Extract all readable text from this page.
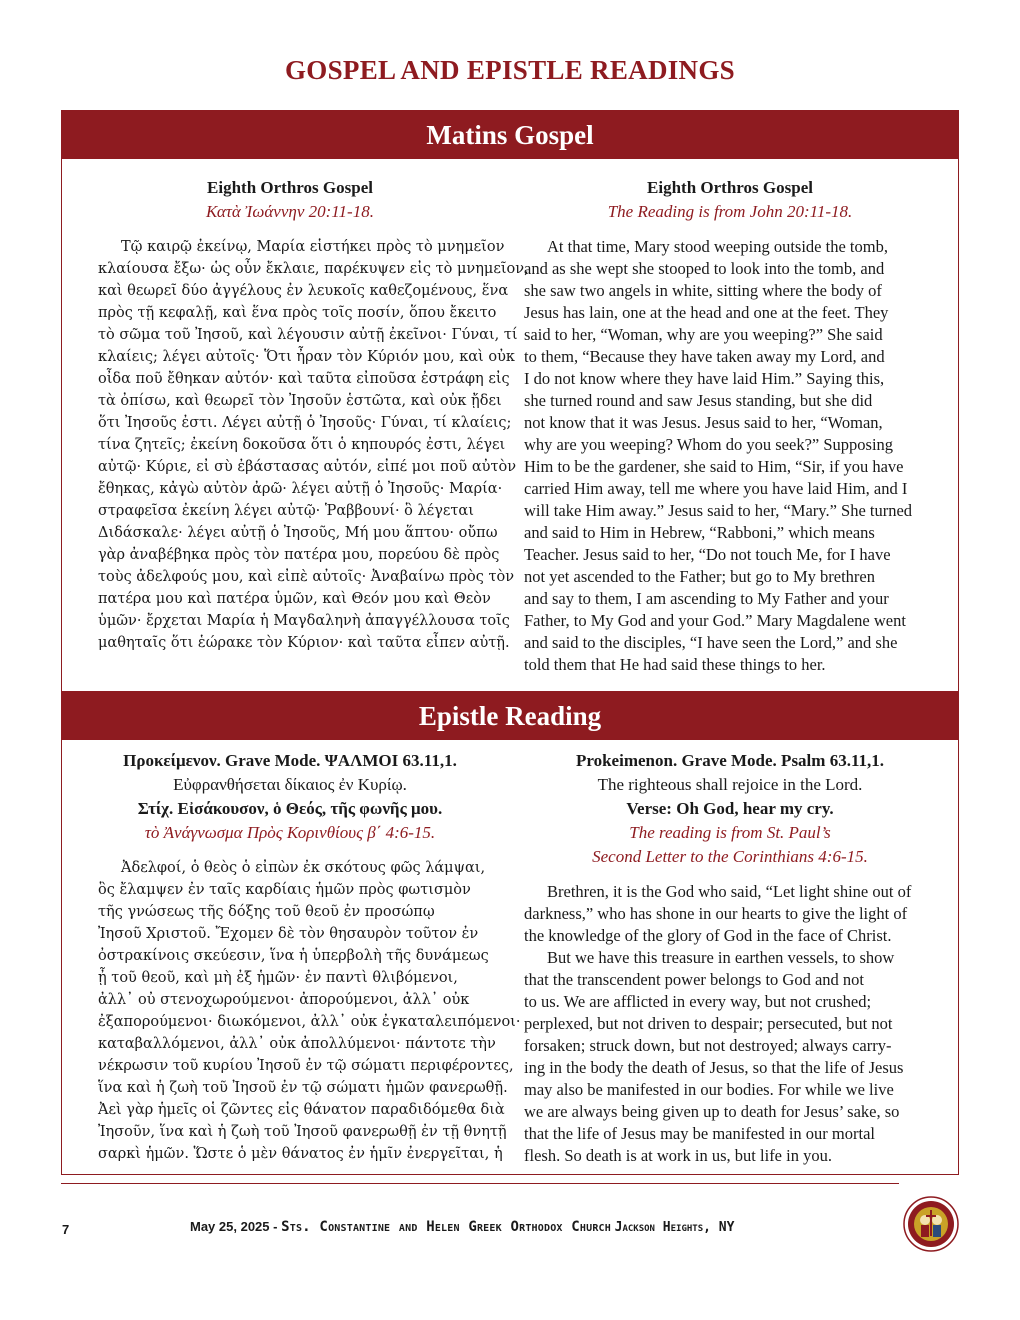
GOSPEL AND EPISTLE READINGS
Matins Gospel
Eighth Orthros Gospel
Κατὰ Ἰωάννην 20:11-18.
Τῷ καιρῷ ἐκείνῳ, Μαρία εἱστήκει πρὸς τὸ μνημεῖον
κλαίουσα ἔξω· ὡς οὖν ἔκλαιε, παρέκυψεν εἰς τὸ μνημεῖον,
καὶ θεωρεῖ δύο ἀγγέλους ἐν λευκοῖς καθεζομένους, ἕνα
πρὸς τῇ κεφαλῇ, καὶ ἕνα πρὸς τοῖς ποσίν, ὅπου ἔκειτο
τὸ σῶμα τοῦ Ἰησοῦ, καὶ λέγουσιν αὐτῇ ἐκεῖνοι· Γύναι, τί
κλαίεις; λέγει αὐτοῖς· Ὅτι ἦραν τὸν Κύριόν μου, καὶ οὐκ
οἶδα ποῦ ἔθηκαν αὐτόν· καὶ ταῦτα εἰποῦσα ἐστράφη εἰς
τὰ ὀπίσω, καὶ θεωρεῖ τὸν Ἰησοῦν ἑστῶτα, καὶ οὐκ ᾔδει
ὅτι Ἰησοῦς ἐστι. Λέγει αὐτῇ ὁ Ἰησοῦς· Γύναι, τί κλαίεις;
τίνα ζητεῖς; ἐκείνη δοκοῦσα ὅτι ὁ κηπουρός ἐστι, λέγει
αὐτῷ· Κύριε, εἰ σὺ ἐβάστασας αὐτόν, εἰπέ μοι ποῦ αὐτὸν
ἔθηκας, κἀγὼ αὐτὸν ἀρῶ· λέγει αὐτῇ ὁ Ἰησοῦς· Μαρία·
στραφεῖσα ἐκείνη λέγει αὐτῷ· Ῥαββουνί· ὃ λέγεται
Διδάσκαλε· λέγει αὐτῇ ὁ Ἰησοῦς, Μή μου ἅπτου· οὔπω
γὰρ ἀναβέβηκα πρὸς τὸν πατέρα μου, πορεύου δὲ πρὸς
τοὺς ἀδελφούς μου, καὶ εἰπὲ αὐτοῖς· Ἀναβαίνω πρὸς τὸν
πατέρα μου καὶ πατέρα ὑμῶν, καὶ Θεόν μου καὶ Θεὸν
ὑμῶν· ἔρχεται Μαρία ἡ Μαγδαληνὴ ἀπαγγέλλουσα τοῖς
μαθηταῖς ὅτι ἑώρακε τὸν Κύριον· καὶ ταῦτα εἶπεν αὐτῇ.
Eighth Orthros Gospel
The Reading is from John 20:11-18.
At that time, Mary stood weeping outside the tomb,
and as she wept she stooped to look into the tomb, and
she saw two angels in white, sitting where the body of
Jesus has lain, one at the head and one at the feet. They
said to her, “Woman, why are you weeping?” She said
to them, “Because they have taken away my Lord, and
I do not know where they have laid Him.” Saying this,
she turned round and saw Jesus standing, but she did
not know that it was Jesus. Jesus said to her, “Woman,
why are you weeping? Whom do you seek?” Supposing
Him to be the gardener, she said to Him, “Sir, if you have
carried Him away, tell me where you have laid Him, and I
will take Him away.” Jesus said to her, “Mary.” She turned
and said to Him in Hebrew, “Rabboni,” which means
Teacher. Jesus said to her, “Do not touch Me, for I have
not yet ascended to the Father; but go to My brethren
and say to them, I am ascending to My Father and your
Father, to My God and your God.” Mary Magdalene went
and said to the disciples, “I have seen the Lord,” and she
told them that He had said these things to her.
Epistle Reading
Προκείμενον. Grave Mode. ΨΑΛΜΟΙ 63.11,1.
Εὐφρανθήσεται δίκαιος ἐν Κυρίῳ.
Στίχ. Εἰσάκουσον, ὁ Θεός, τῆς φωνῆς μου.
τὸ Ἀνάγνωσμα Πρὸς Κορινθίους β΄ 4:6-15.
Ἀδελφοί, ὁ θεὸς ὁ εἰπὼν ἐκ σκότους φῶς λάμψαι,
ὃς ἔλαμψεν ἐν ταῖς καρδίαις ἡμῶν πρὸς φωτισμὸν
τῆς γνώσεως τῆς δόξης τοῦ θεοῦ ἐν προσώπῳ
Ἰησοῦ Χριστοῦ. Ἔχομεν δὲ τὸν θησαυρὸν τοῦτον ἐν
ὀστρακίνοις σκεύεσιν, ἵνα ἡ ὑπερβολὴ τῆς δυνάμεως
ᾖ τοῦ θεοῦ, καὶ μὴ ἐξ ἡμῶν· ἐν παντὶ θλιβόμενοι,
ἀλλ᾽ οὐ στενοχωρούμενοι· ἀπορούμενοι, ἀλλ᾽ οὐκ
ἐξαπορούμενοι· διωκόμενοι, ἀλλ᾽ οὐκ ἐγκαταλειπόμενοι·
καταβαλλόμενοι, ἀλλ᾽ οὐκ ἀπολλύμενοι· πάντοτε τὴν
νέκρωσιν τοῦ κυρίου Ἰησοῦ ἐν τῷ σώματι περιφέροντες,
ἵνα καὶ ἡ ζωὴ τοῦ Ἰησοῦ ἐν τῷ σώματι ἡμῶν φανερωθῇ.
Ἀεὶ γὰρ ἡμεῖς οἱ ζῶντες εἰς θάνατον παραδιδόμεθα διὰ
Ἰησοῦν, ἵνα καὶ ἡ ζωὴ τοῦ Ἰησοῦ φανερωθῇ ἐν τῇ θνητῇ
σαρκὶ ἡμῶν. Ὥστε ὁ μὲν θάνατος ἐν ἡμῖν ἐνεργεῖται, ἡ
Prokeimenon. Grave Mode. Psalm 63.11,1.
The righteous shall rejoice in the Lord.
Verse: Oh God, hear my cry.
The reading is from St. Paul’s
Second Letter to the Corinthians 4:6-15.
Brethren, it is the God who said, “Let light shine out of
darkness,” who has shone in our hearts to give the light of
the knowledge of the glory of God in the face of Christ.
But we have this treasure in earthen vessels, to show
that the transcendent power belongs to God and not
to us. We are afflicted in every way, but not crushed;
perplexed, but not driven to despair; persecuted, but not
forsaken; struck down, but not destroyed; always carry-
ing in the body the death of Jesus, so that the life of Jesus
may also be manifested in our bodies. For while we live
we are always being given up to death for Jesus’ sake, so
that the life of Jesus may be manifested in our mortal
flesh. So death is at work in us, but life in you.
7	May 25, 2025 - Sts. Constantine and Helen Greek Orthodox Church Jackson Heights, NY
